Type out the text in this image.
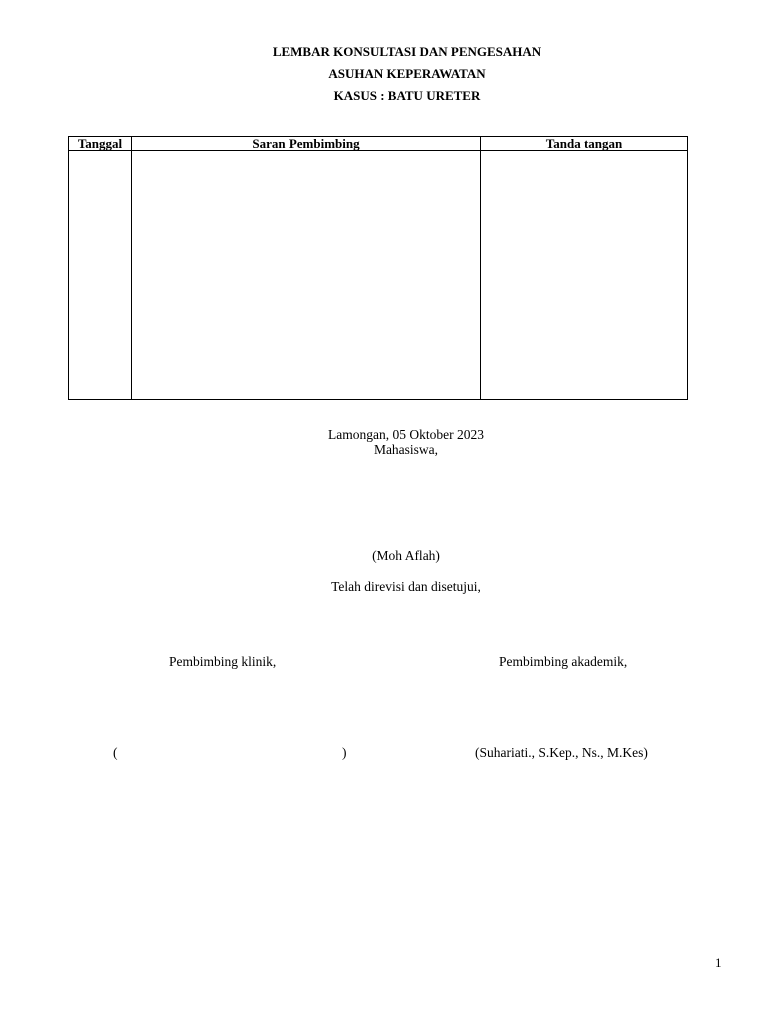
LEMBAR KONSULTASI DAN PENGESAHAN
ASUHAN KEPERAWATAN
KASUS : BATU URETER
Tanggal	Saran Pembimbing	Tanda tangan

Lamongan, 05 Oktober 2023
Mahasiswa,
(Moh Aflah)
Telah direvisi dan disetujui,
Pembimbing klinik,	Pembimbing akademik,
(	)	(Suhariati., S.Kep., Ns., M.Kes)
1
